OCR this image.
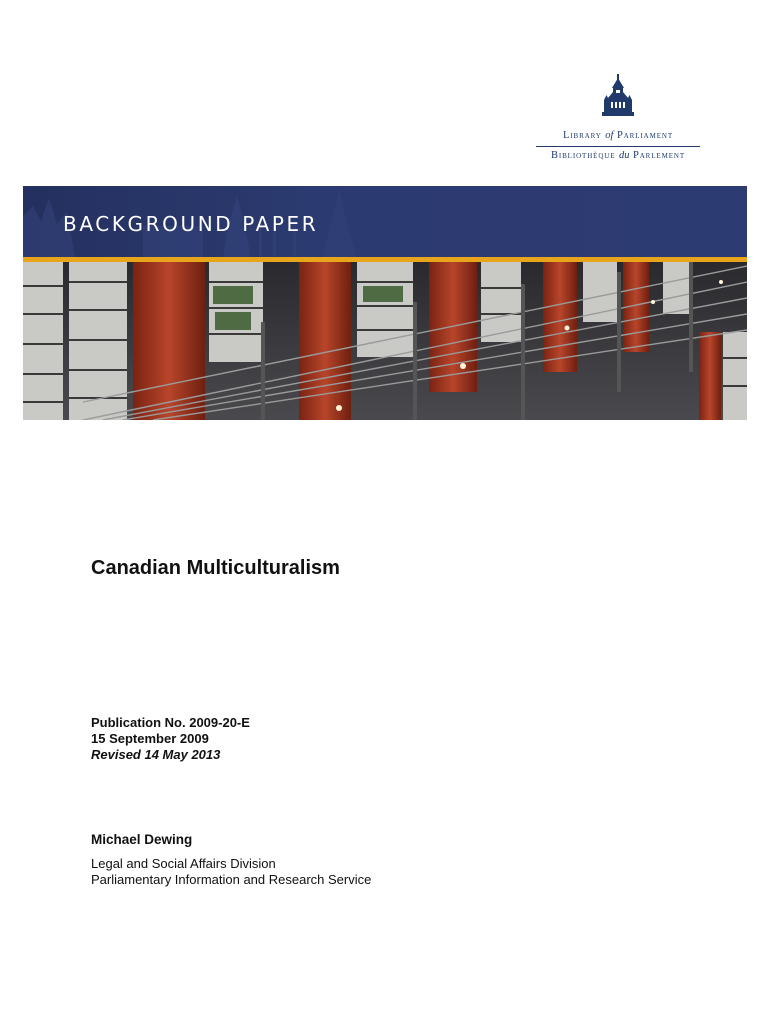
Library of Parliament
Bibliothèque du Parlement
BACKGROUND PAPER
Canadian Multiculturalism
Publication No. 2009-20-E
15 September 2009
Revised 14 May 2013
Michael Dewing
Legal and Social Affairs Division
Parliamentary Information and Research Service
